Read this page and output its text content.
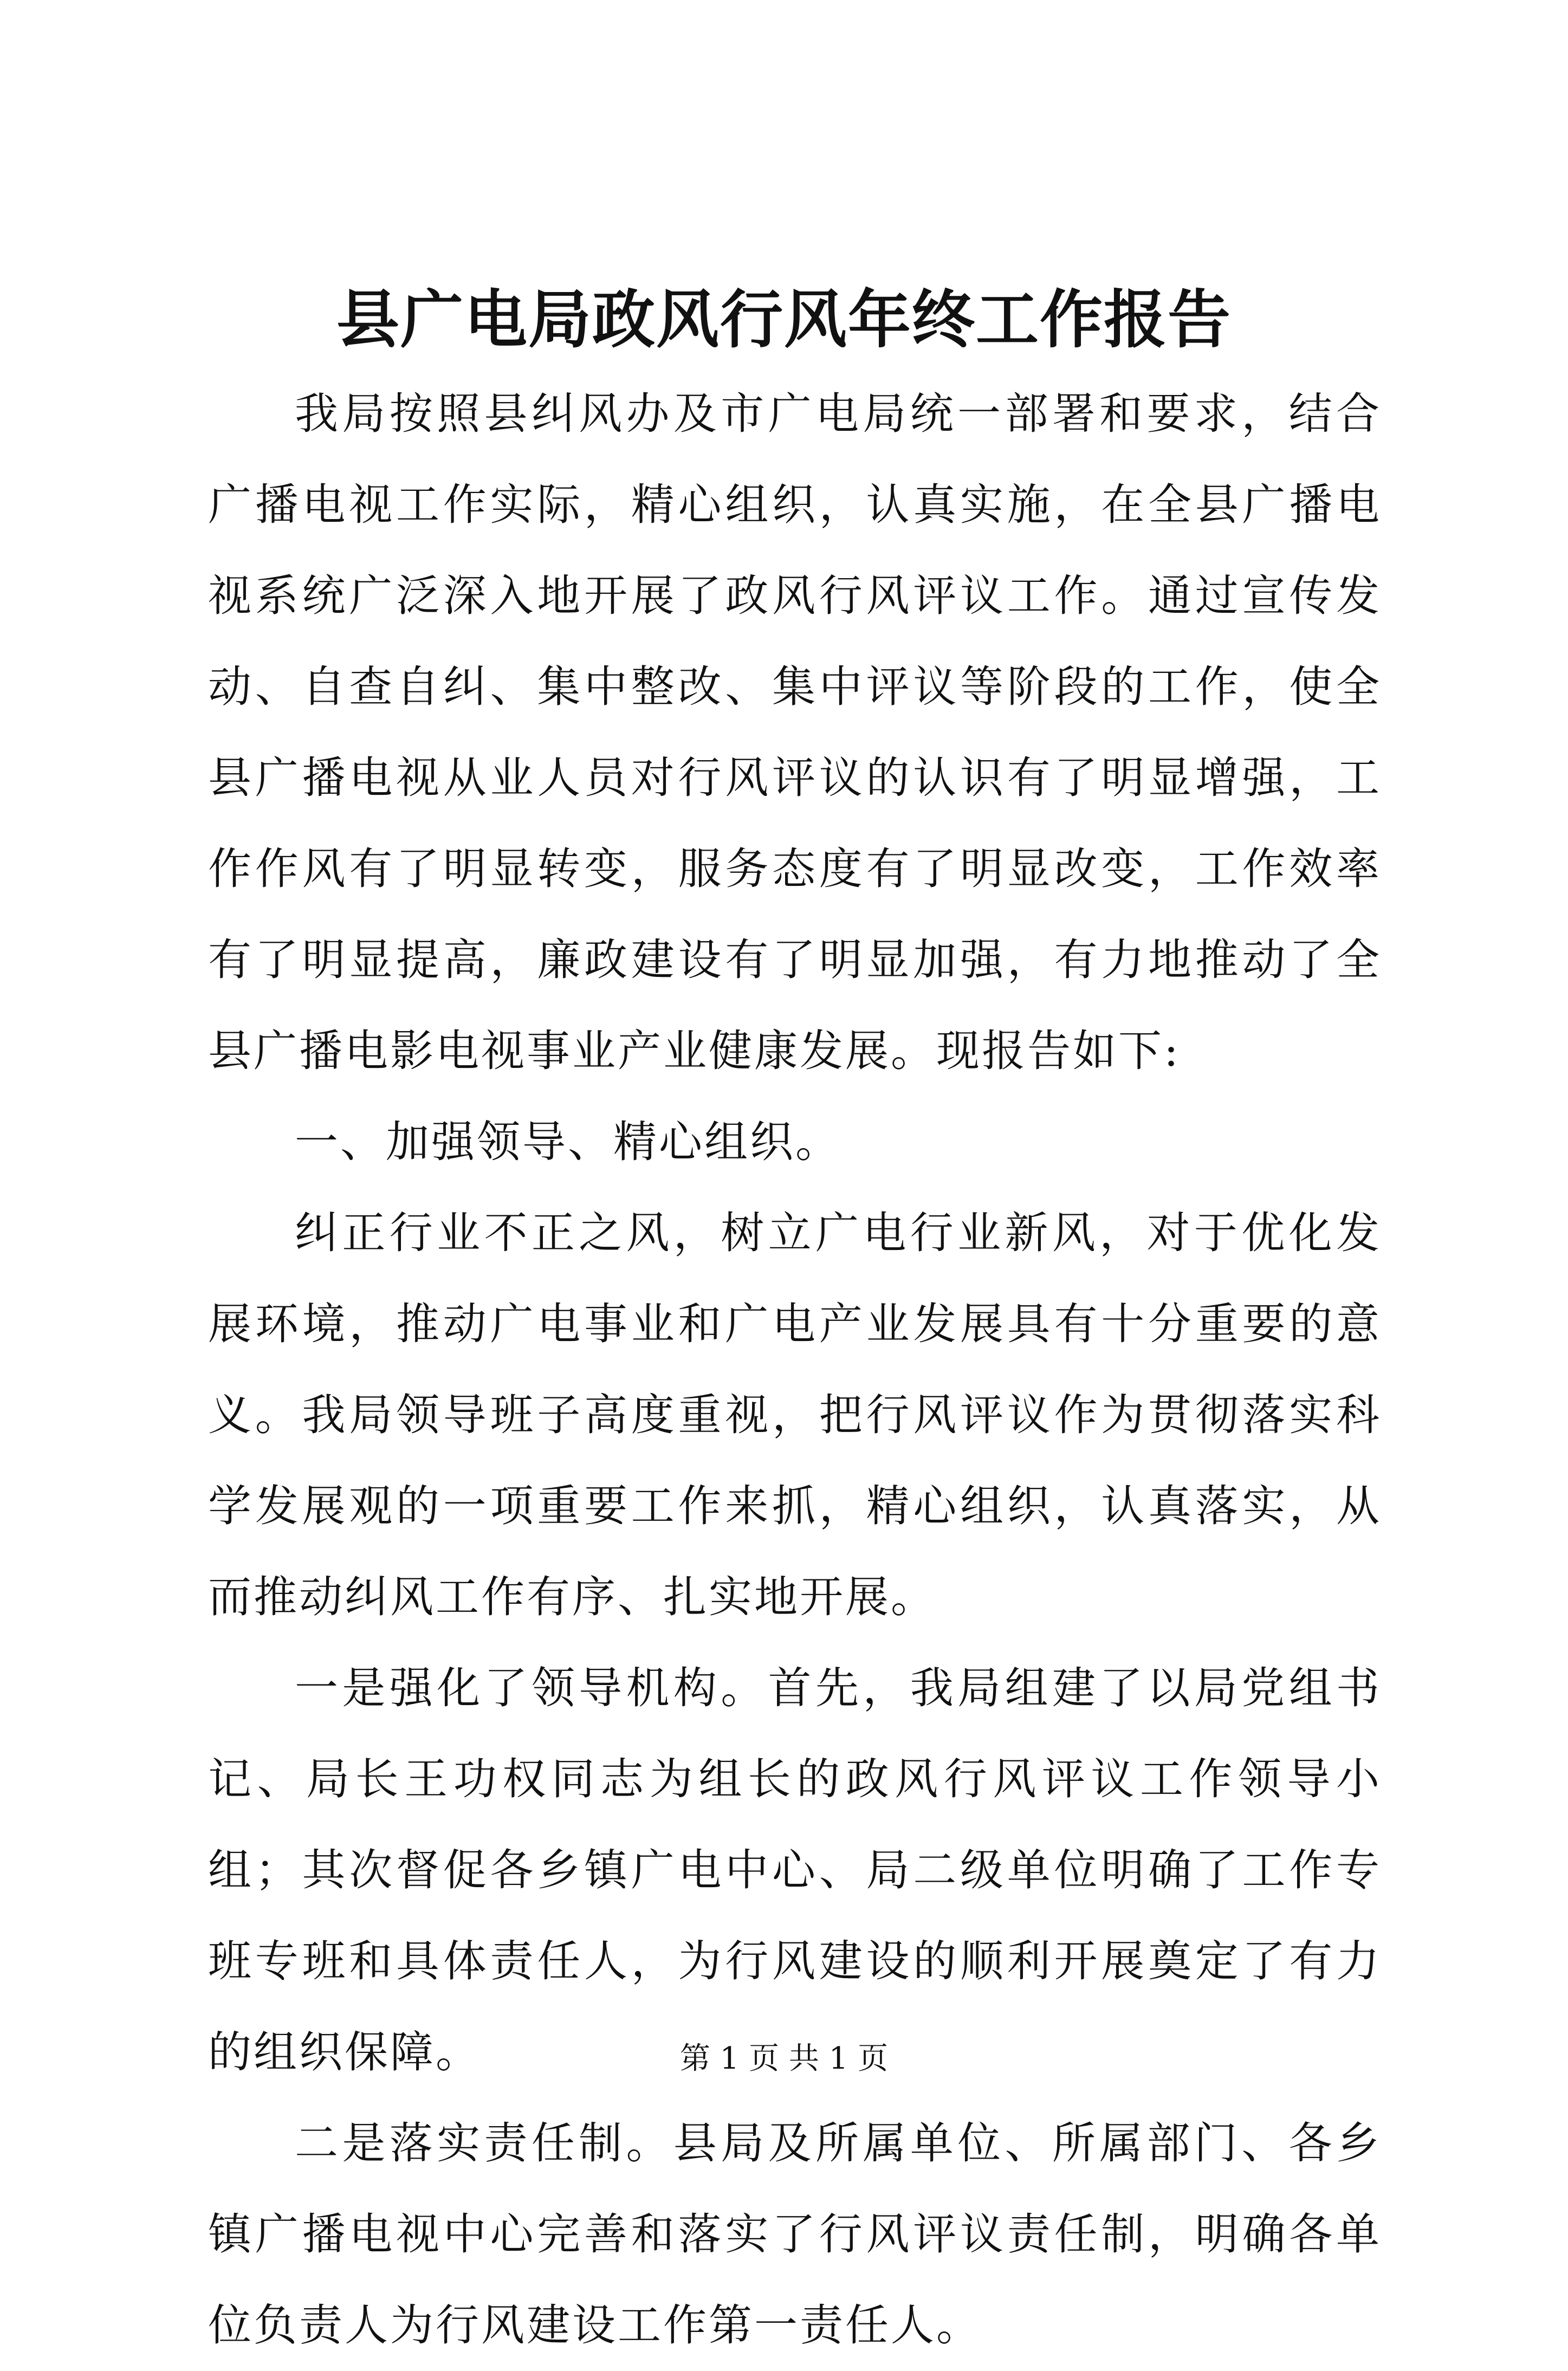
县广电局政风行风年终工作报告

我局按照县纠风办及市广电局统一部署和要求，结合广播电视工作实际，精心组织，认真实施，在全县广播电视系统广泛深入地开展了政风行风评议工作。通过宣传发动、自查自纠、集中整改、集中评议等阶段的工作，使全县广播电视从业人员对行风评议的认识有了明显增强，工作作风有了明显转变，服务态度有了明显改变，工作效率有了明显提高，廉政建设有了明显加强，有力地推动了全县广播电影电视事业产业健康发展。现报告如下:

一、加强领导、精心组织。

纠正行业不正之风，树立广电行业新风，对于优化发展环境，推动广电事业和广电产业发展具有十分重要的意义。我局领导班子高度重视，把行风评议作为贯彻落实科学发展观的一项重要工作来抓，精心组织，认真落实，从而推动纠风工作有序、扎实地开展。

一是强化了领导机构。首先，我局组建了以局党组书记、局长王功权同志为组长的政风行风评议工作领导小组；其次督促各乡镇广电中心、局二级单位明确了工作专班专班和具体责任人，为行风建设的顺利开展奠定了有力的组织保障。

二是落实责任制。县局及所属单位、所属部门、各乡镇广播电视中心完善和落实了行风评议责任制，明确各单位负责人为行风建设工作第一责任人。

第 1 页 共 1 页
